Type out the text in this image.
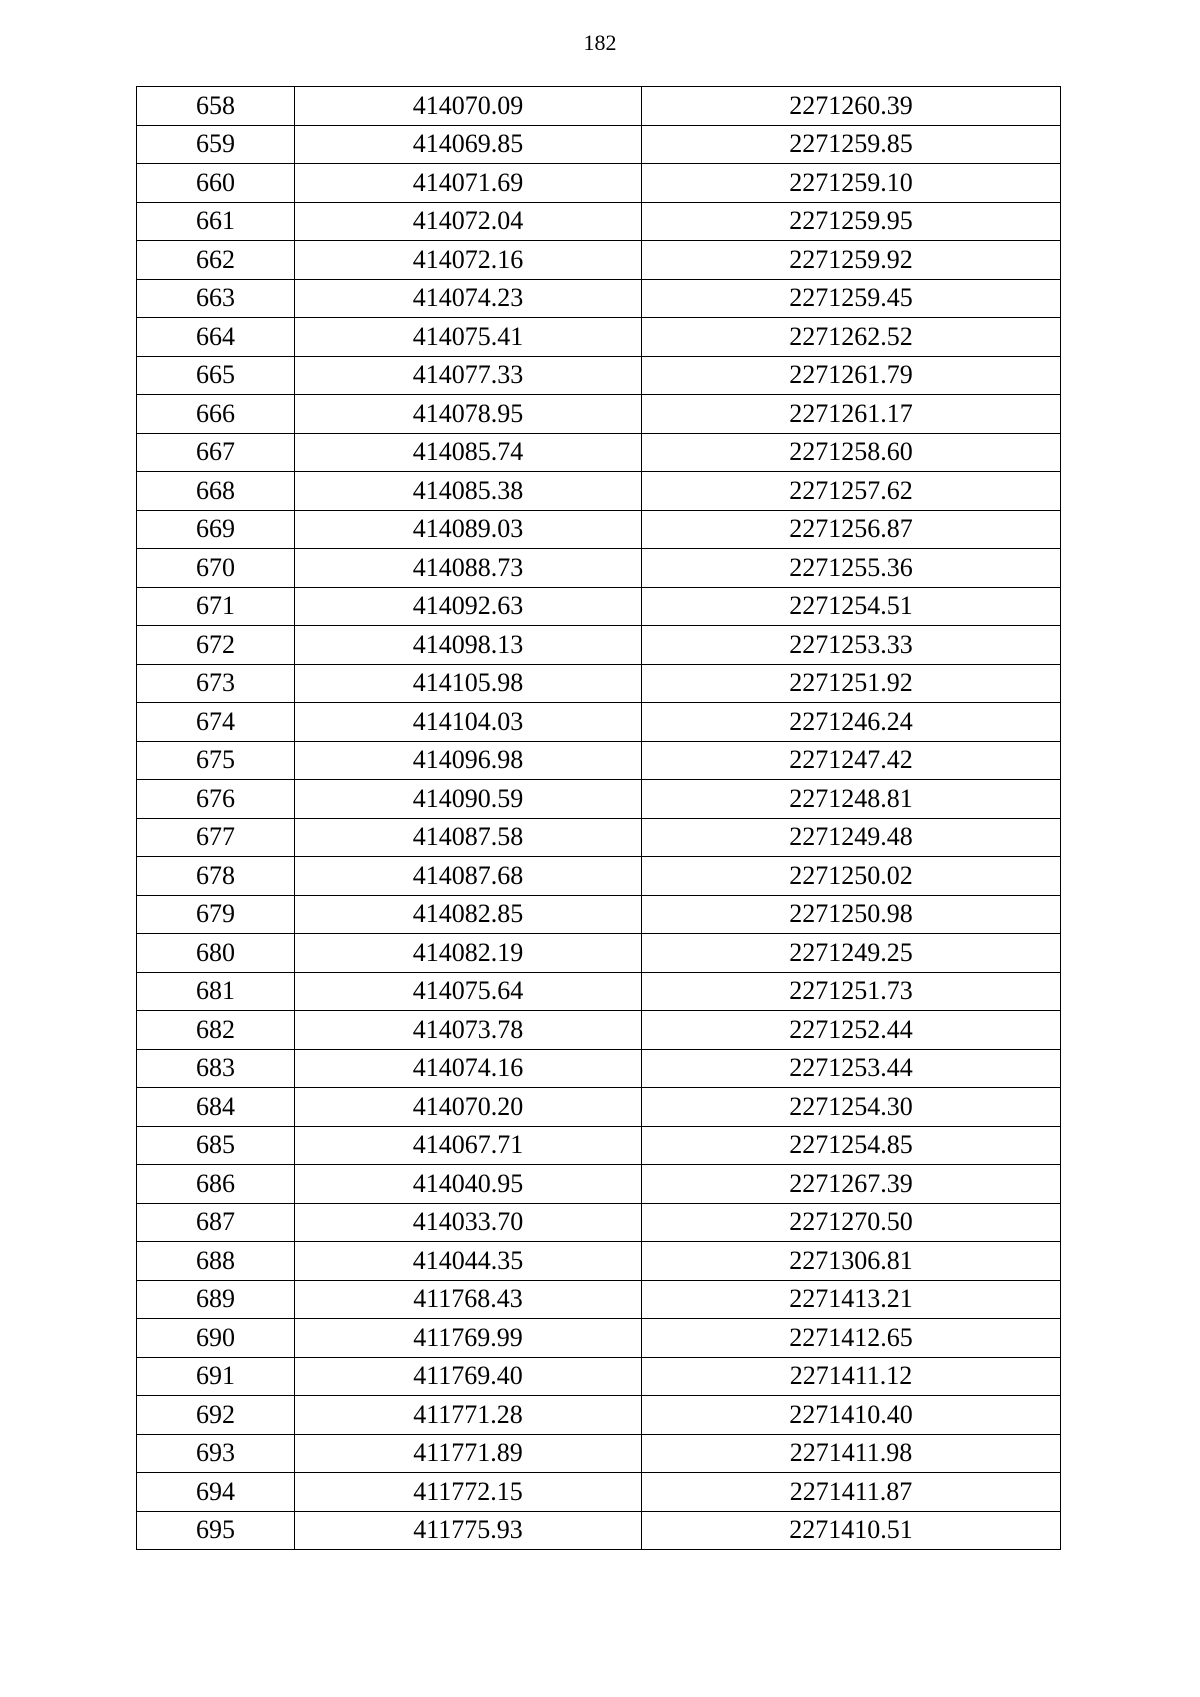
182
658	414070.09	2271260.39
659	414069.85	2271259.85
660	414071.69	2271259.10
661	414072.04	2271259.95
662	414072.16	2271259.92
663	414074.23	2271259.45
664	414075.41	2271262.52
665	414077.33	2271261.79
666	414078.95	2271261.17
667	414085.74	2271258.60
668	414085.38	2271257.62
669	414089.03	2271256.87
670	414088.73	2271255.36
671	414092.63	2271254.51
672	414098.13	2271253.33
673	414105.98	2271251.92
674	414104.03	2271246.24
675	414096.98	2271247.42
676	414090.59	2271248.81
677	414087.58	2271249.48
678	414087.68	2271250.02
679	414082.85	2271250.98
680	414082.19	2271249.25
681	414075.64	2271251.73
682	414073.78	2271252.44
683	414074.16	2271253.44
684	414070.20	2271254.30
685	414067.71	2271254.85
686	414040.95	2271267.39
687	414033.70	2271270.50
688	414044.35	2271306.81
689	411768.43	2271413.21
690	411769.99	2271412.65
691	411769.40	2271411.12
692	411771.28	2271410.40
693	411771.89	2271411.98
694	411772.15	2271411.87
695	411775.93	2271410.51
